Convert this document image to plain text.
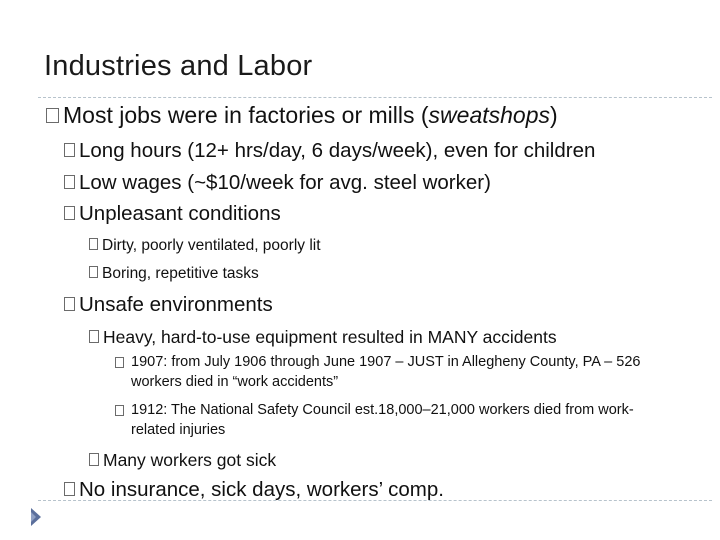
Industries and Labor
Most jobs were in factories or mills (sweatshops)
Long hours (12+ hrs/day, 6 days/week), even for children
Low wages (~$10/week for avg. steel worker)
Unpleasant conditions
Dirty, poorly ventilated, poorly lit
Boring, repetitive tasks
Unsafe environments
Heavy, hard-to-use equipment resulted in MANY accidents
1907: from July 1906 through June 1907 – JUST in Allegheny County, PA – 526 workers died in “work accidents”
1912: The National Safety Council est.18,000–21,000 workers died from work-related injuries
Many workers got sick
No insurance, sick days, workers’ comp.
